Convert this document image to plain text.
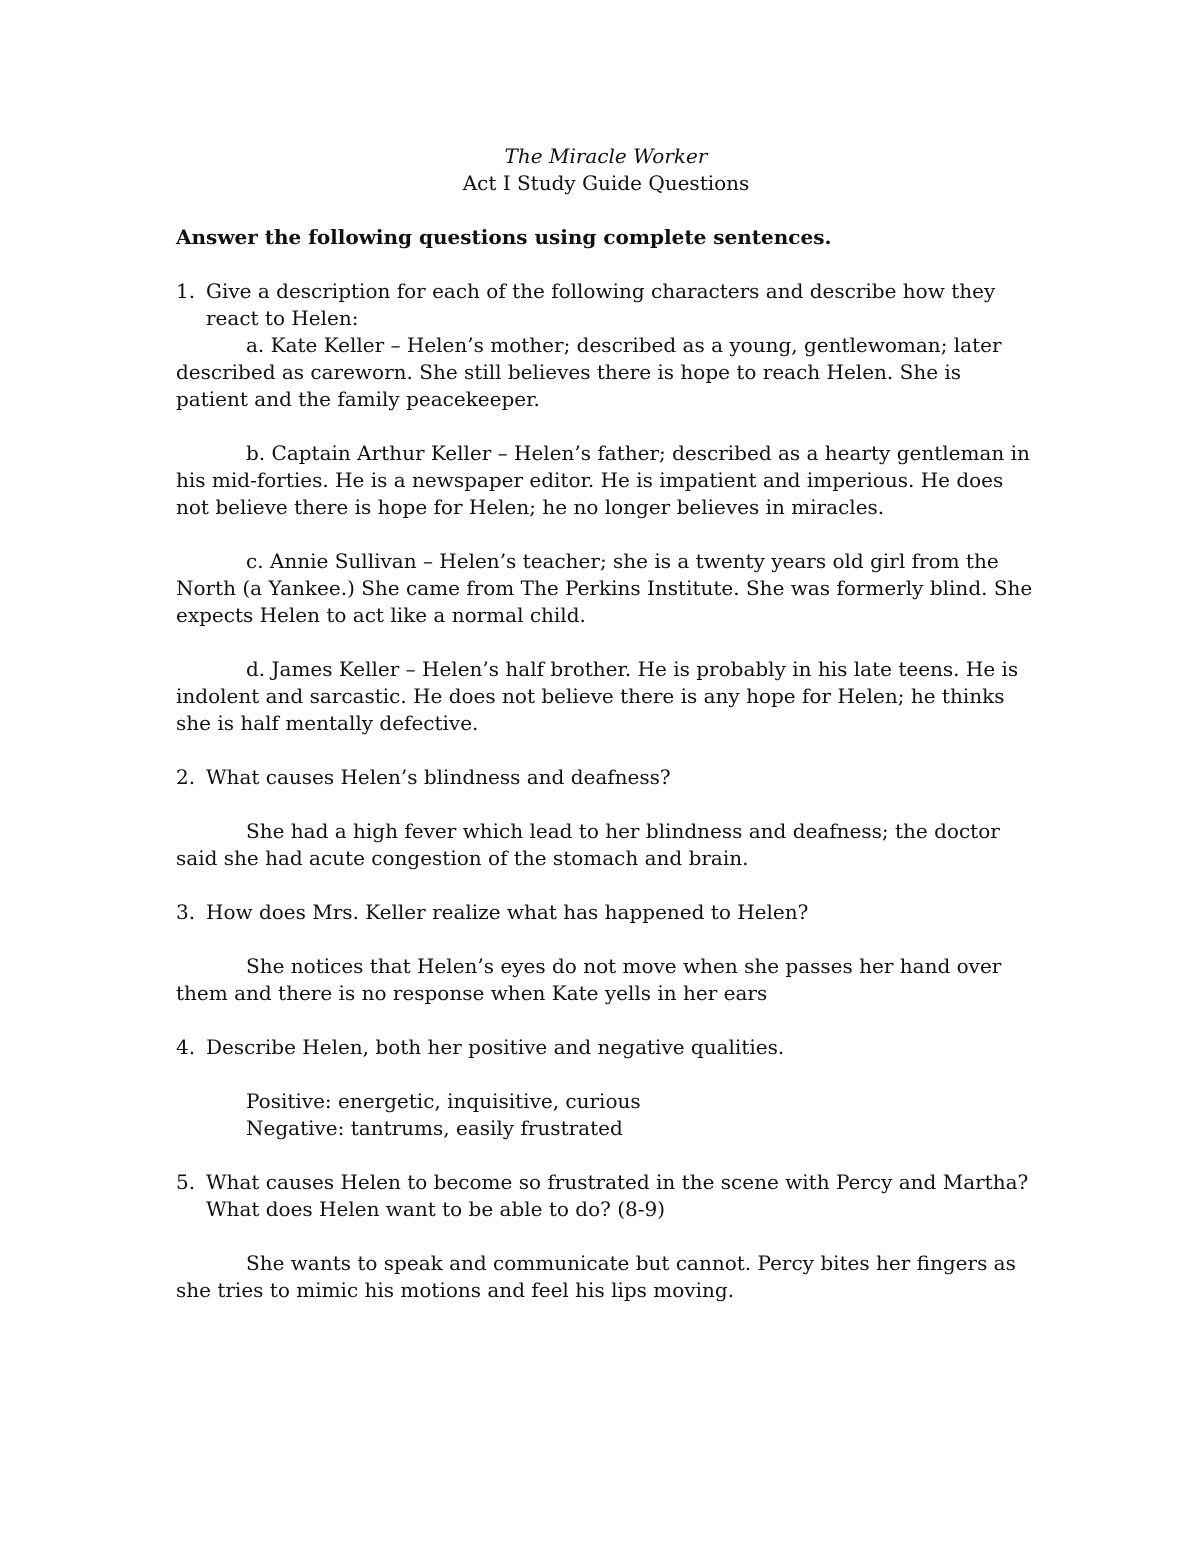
The Miracle Worker

Act I Study Guide Questions

Answer the following questions using complete sentences.

1. Give a description for each of the following characters and describe how they react to Helen:

a. Kate Keller – Helen’s mother; described as a young, gentlewoman; later described as careworn. She still believes there is hope to reach Helen. She is patient and the family peacekeeper.

b. Captain Arthur Keller – Helen’s father; described as a hearty gentleman in his mid-forties. He is a newspaper editor. He is impatient and imperious. He does not believe there is hope for Helen; he no longer believes in miracles.

c. Annie Sullivan – Helen’s teacher; she is a twenty years old girl from the North (a Yankee.) She came from The Perkins Institute. She was formerly blind. She expects Helen to act like a normal child.

d. James Keller – Helen’s half brother. He is probably in his late teens. He is indolent and sarcastic. He does not believe there is any hope for Helen; he thinks she is half mentally defective.

2. What causes Helen’s blindness and deafness?

She had a high fever which lead to her blindness and deafness; the doctor said she had acute congestion of the stomach and brain.

3. How does Mrs. Keller realize what has happened to Helen?

She notices that Helen’s eyes do not move when she passes her hand over them and there is no response when Kate yells in her ears

4. Describe Helen, both her positive and negative qualities.

Positive: energetic, inquisitive, curious

Negative: tantrums, easily frustrated

5. What causes Helen to become so frustrated in the scene with Percy and Martha? What does Helen want to be able to do? (8-9)

She wants to speak and communicate but cannot. Percy bites her fingers as she tries to mimic his motions and feel his lips moving.
